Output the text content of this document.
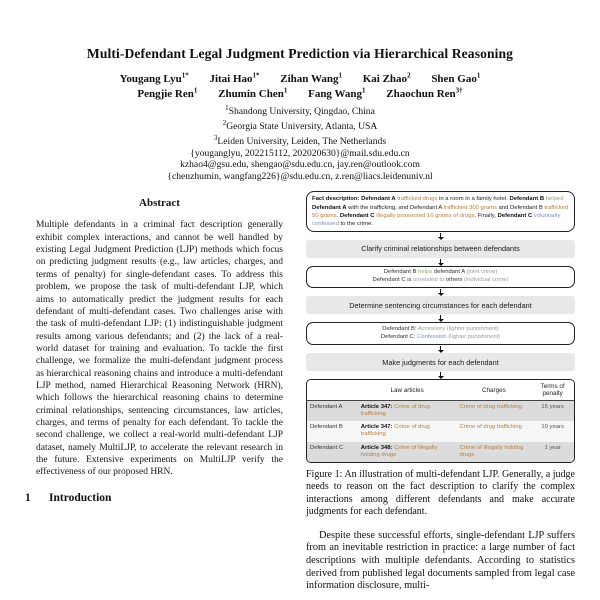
Multi-Defendant Legal Judgment Prediction via Hierarchical Reasoning
Yougang Lyu$^{1*}$ Jitai Hao$^{1*}$ Zihan Wang$^1$ Kai Zhao$^2$ Shen Gao$^1$
Pengjie Ren$^1$ Zhumin Chen$^1$ Fang Wang$^1$ Zhaochun Ren$^{3\dagger}$
$^1$Shandong University, Qingdao, China
$^2$Georgia State University, Atlanta, USA
$^3$Leiden University, Leiden, The Netherlands
{youganglyu, 202215112, 202020630}@mail.sdu.edu.cn
kzhao4@gsu.edu, shengao@sdu.edu.cn, jay.ren@outlook.com
{chenzhumin, wangfang226}@sdu.edu.cn, z.ren@liacs.leidenuniv.nl
Abstract
Multiple defendants in a criminal fact description generally exhibit complex interactions, and cannot be well handled by existing Legal Judgment Prediction (LJP) methods which focus on predicting judgment results (e.g., law articles, charges, and terms of penalty) for single-defendant cases. To address this problem, we propose the task of multi-defendant LJP, which aims to automatically predict the judgment results for each defendant of multi-defendant cases. Two challenges arise with the task of multi-defendant LJP: (1) indistinguishable judgment results among various defendants; and (2) the lack of a real-world dataset for training and evaluation. To tackle the first challenge, we formalize the multi-defendant judgment process as hierarchical reasoning chains and introduce a multi-defendant LJP method, named Hierarchical Reasoning Network (HRN), which follows the hierarchical reasoning chains to determine criminal relationships, sentencing circumstances, law articles, charges, and terms of penalty for each defendant. To tackle the second challenge, we collect a real-world multi-defendant LJP dataset, namely MultiLJP, to accelerate the relevant research in the future. Extensive experiments on MultiLJP verify the effectiveness of our proposed HRN.
1	Introduction
Fact description: Defendant A trafficked drugs in a room in a family hotel. Defendant B helped Defendant A with the trafficking, and Defendant A trafficked 300 grams and Defendant B trafficked 50 grams. Defendant C illegally possessed 16 grams of drugs. Finally, Defendant C voluntarily confessed to the crime.
Clarify criminal relationships between defendants
Defendant B helps defendant A (joint crime)
Defendant C is unrelated to others (individual crime)
Determine sentencing circumstances for each defendant
Defendant B: Accessory (lighter punishment)
Defendant C: Confession (lighter punishment)
Make judgments for each defendant
	Law articles	Charges	Terms of penalty
Defendant A	Article 347: Crime of drug trafficking	Crime of drug trafficking	15 years
Defendant B	Article 347: Crime of drug trafficking	Crime of drug trafficking	10 years
Defendant C	Article 348: Crime of illegally holding drugs	Crime of illegally holding drugs	1 year
Figure 1: An illustration of multi-defendant LJP. Generally, a judge needs to reason on the fact description to clarify the complex interactions among different defendants and make accurate judgments for each defendant.
Despite these successful efforts, single-defendant LJP suffers from an inevitable restriction in practice: a large number of fact descriptions with multiple defendants. According to statistics derived from published legal documents sampled from legal case information disclosure, multi-
